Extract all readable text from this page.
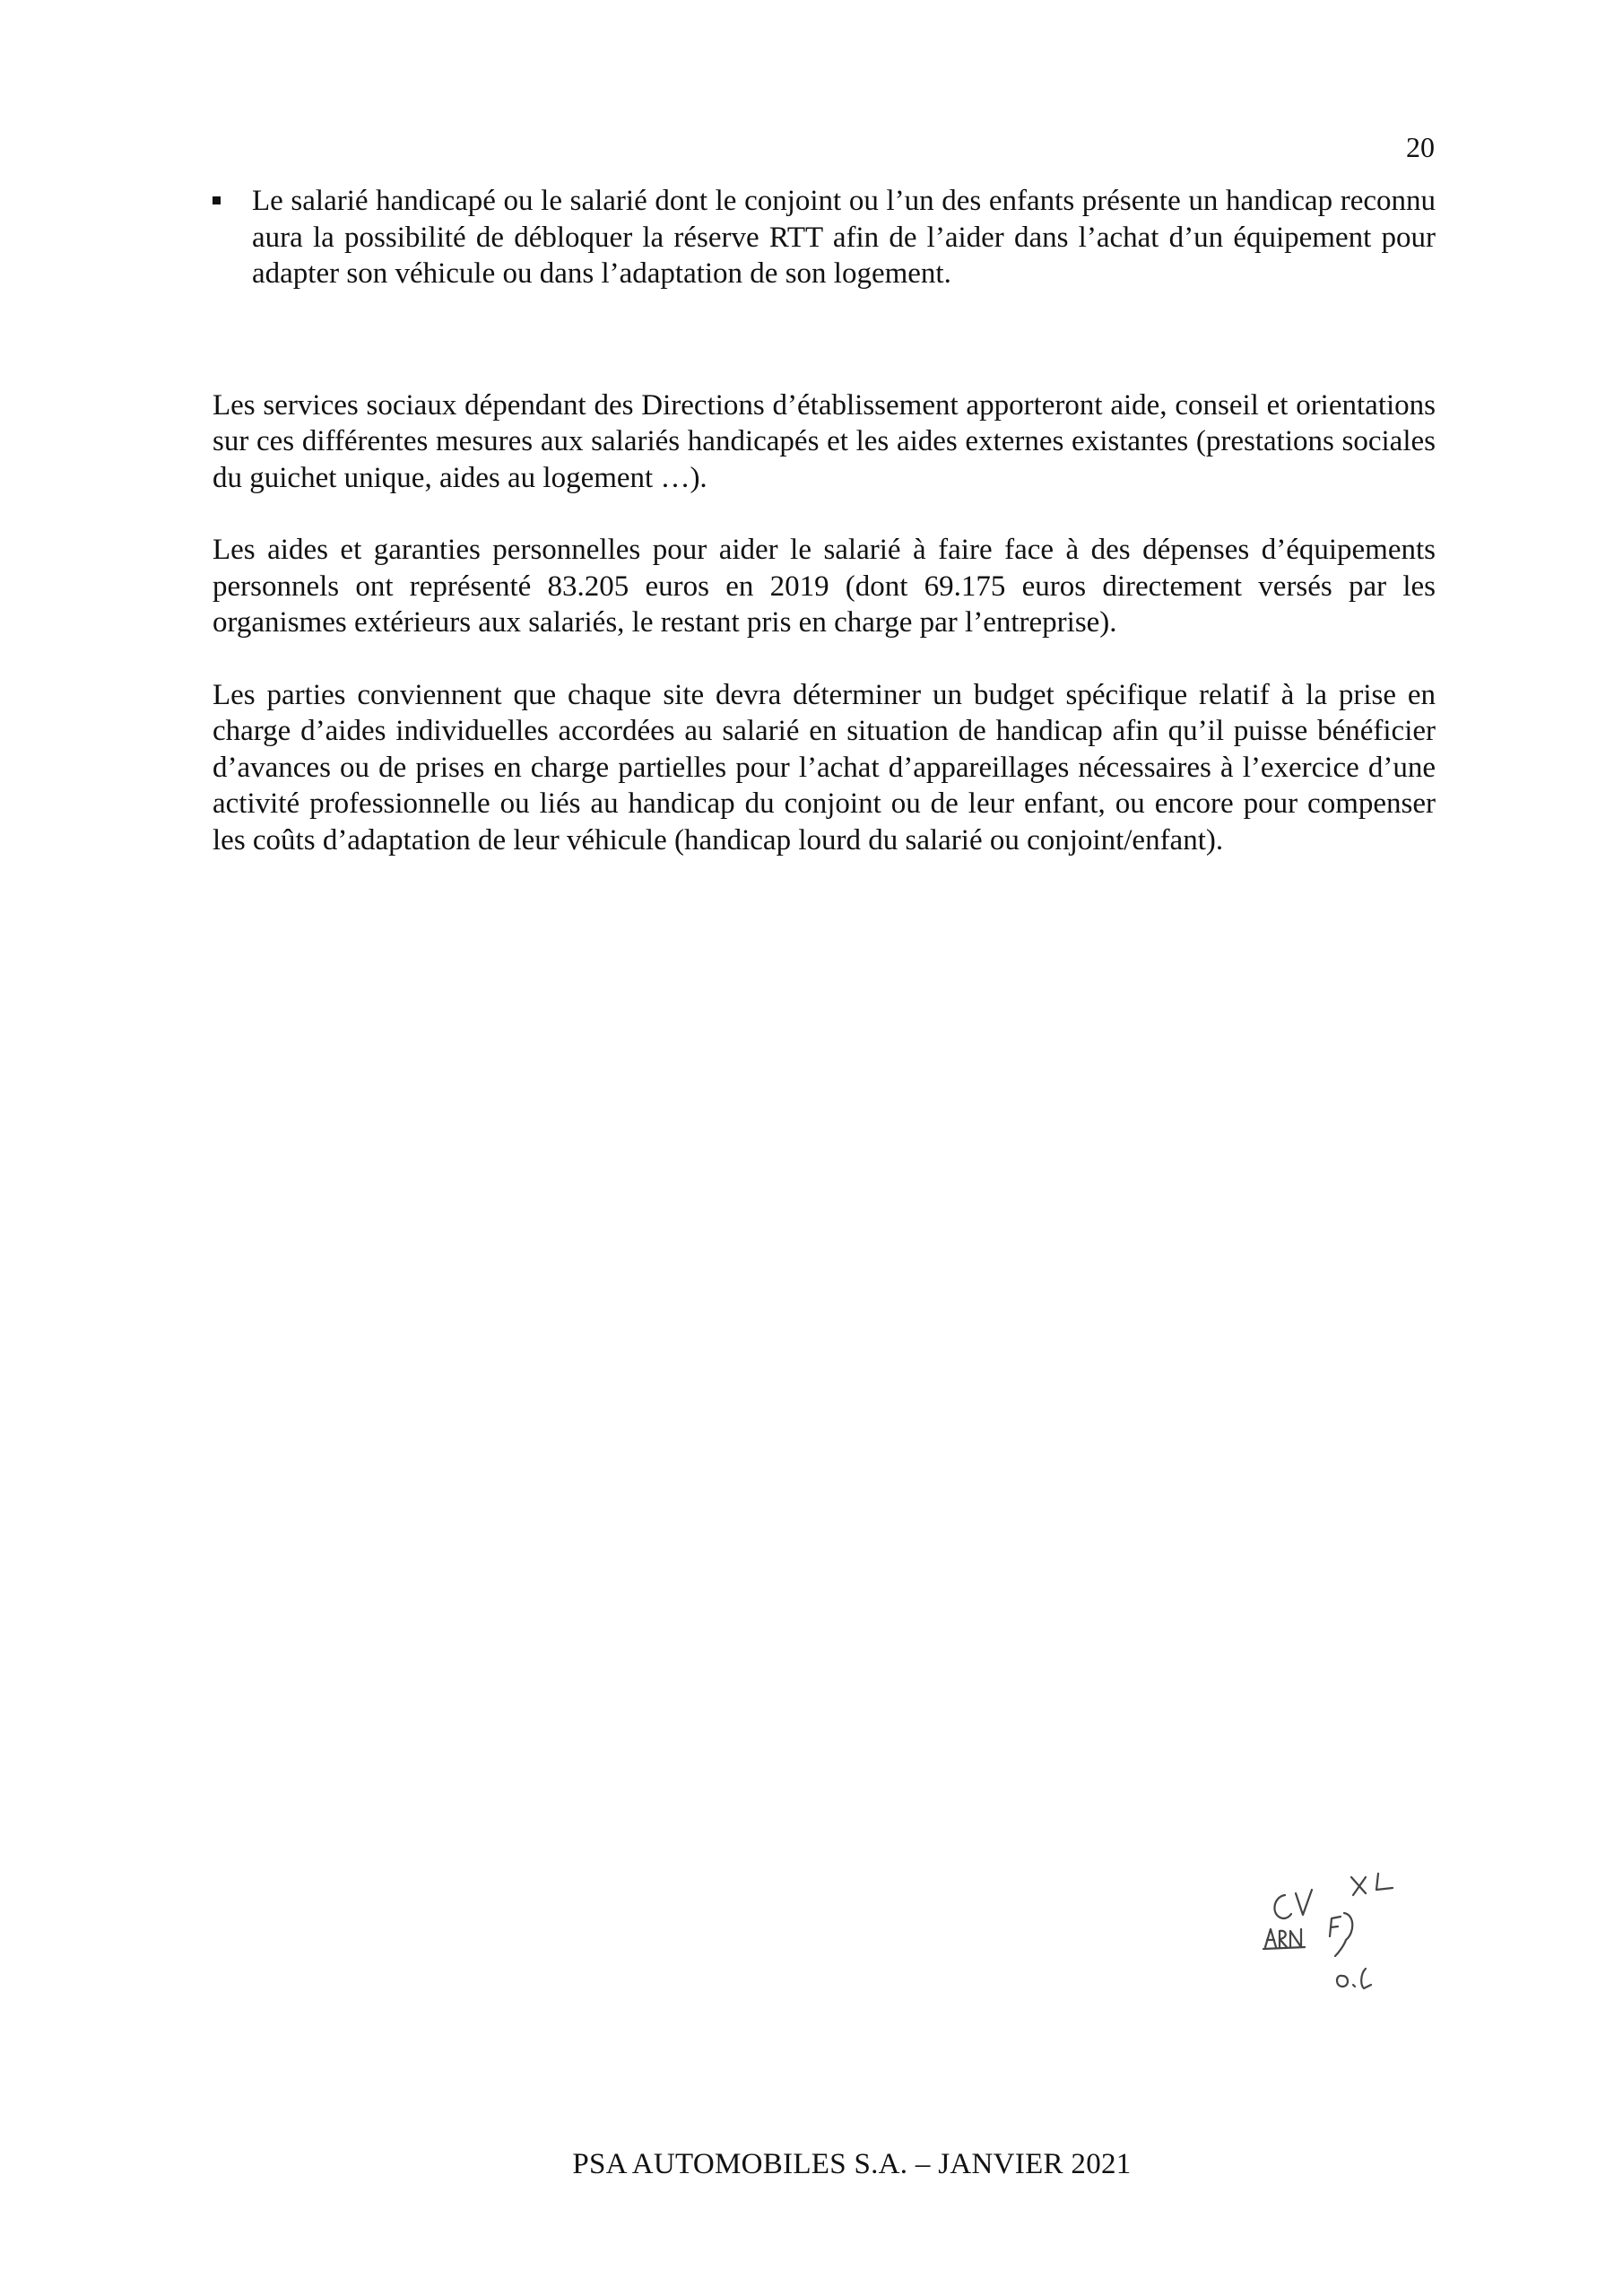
20
Le salarié handicapé ou le salarié dont le conjoint ou l’un des enfants présente un handicap reconnu aura la possibilité de débloquer la réserve RTT afin de l’aider dans l’achat d’un équipement pour adapter son véhicule ou dans l’adaptation de son logement.

Les services sociaux dépendant des Directions d’établissement apporteront aide, conseil et orientations sur ces différentes mesures aux salariés handicapés et les aides externes existantes (prestations sociales du guichet unique, aides au logement …).

Les aides et garanties personnelles pour aider le salarié à faire face à des dépenses d’équipements personnels ont représenté 83.205 euros en 2019 (dont 69.175 euros directement versés par les organismes extérieurs aux salariés, le restant pris en charge par l’entreprise).

Les parties conviennent que chaque site devra déterminer un budget spécifique relatif à la prise en charge d’aides individuelles accordées au salarié en situation de handicap afin qu’il puisse bénéficier d’avances ou de prises en charge partielles pour l’achat d’appareillages nécessaires à l’exercice d’une activité professionnelle ou liés au handicap du conjoint ou de leur enfant, ou encore pour compenser les coûts d’adaptation de leur véhicule (handicap lourd du salarié ou conjoint/enfant).

PSA AUTOMOBILES S.A. – JANVIER 2021
